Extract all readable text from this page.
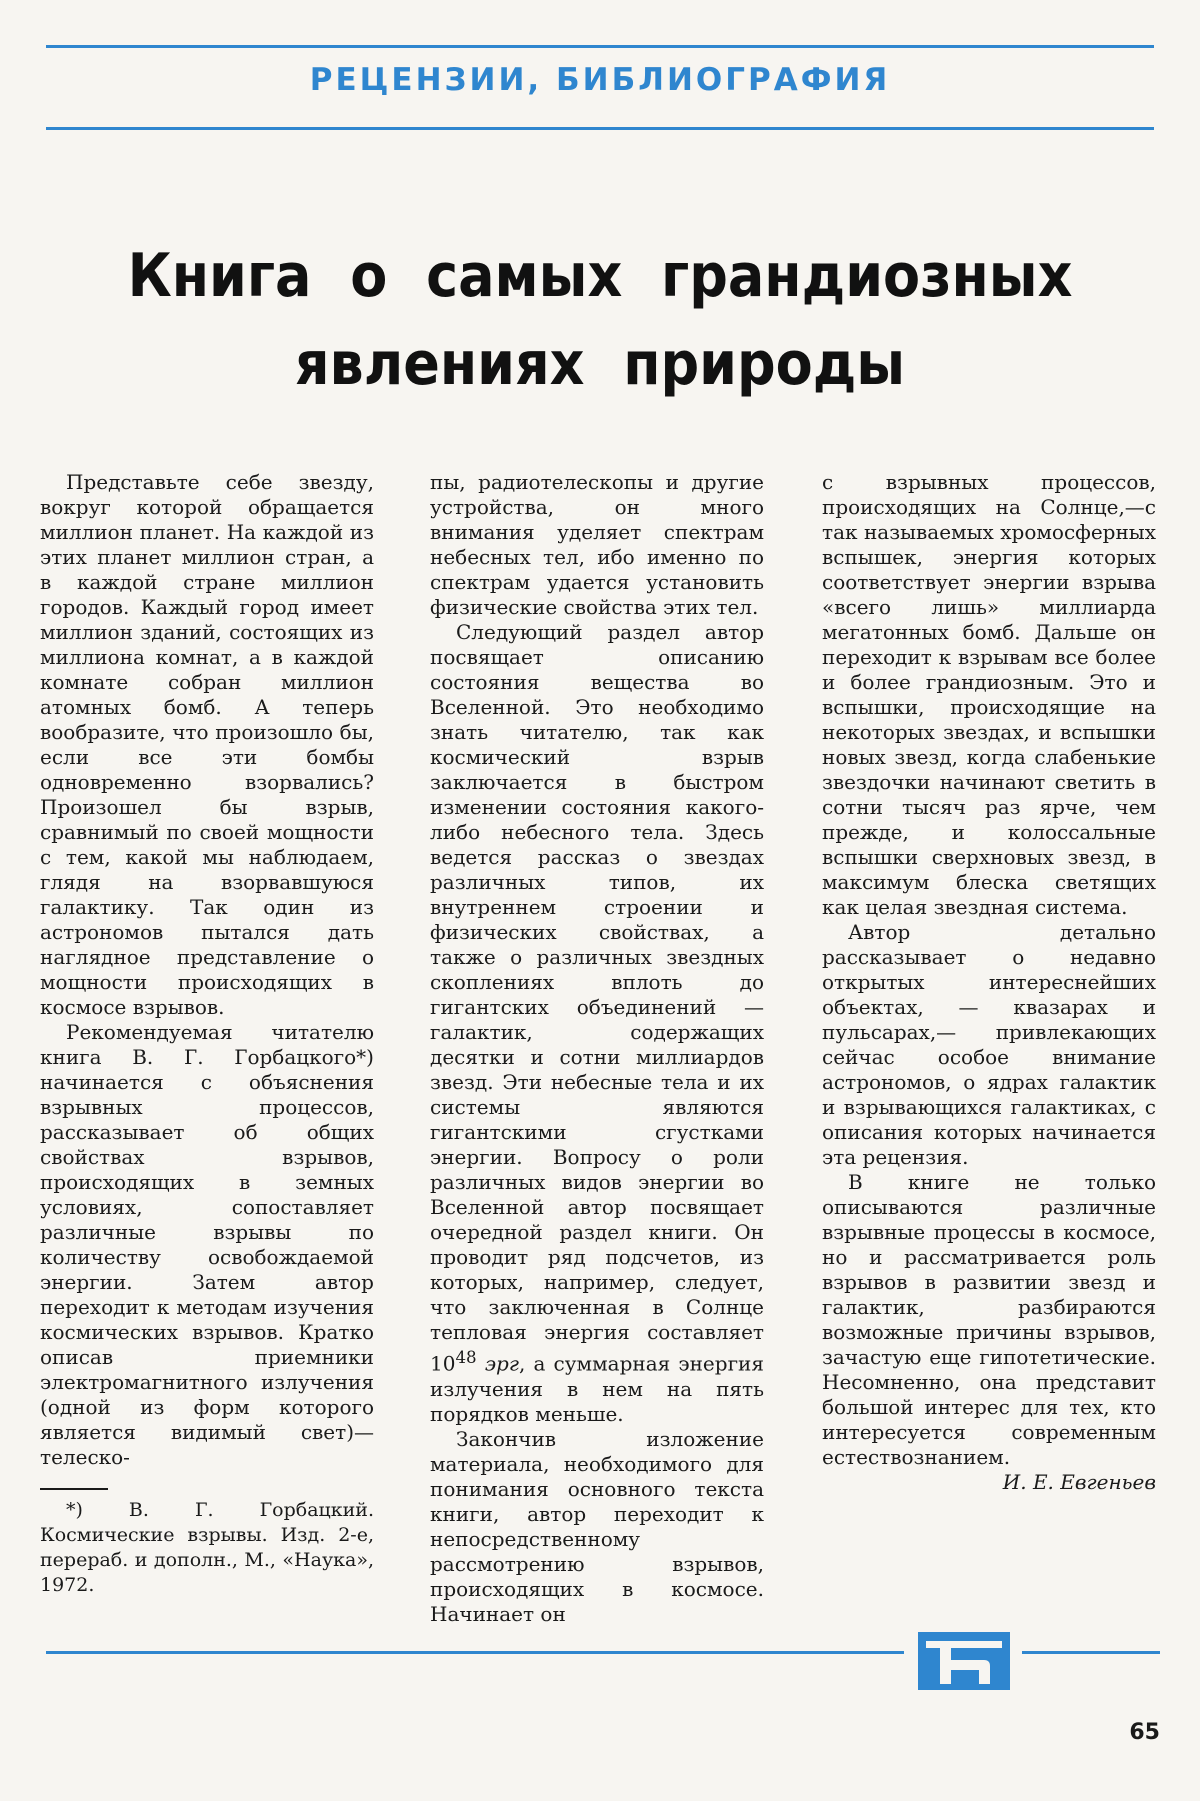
РЕЦЕНЗИИ, БИБЛИОГРАФИЯ
Книга о самых грандиозных
явлениях природы

Представьте себе звезду, вокруг которой обращается миллион планет. На каждой из этих планет миллион стран, а в каждой стране миллион городов. Каждый город имеет миллион зданий, состоящих из миллиона комнат, а в каждой комнате собран миллион атомных бомб. А теперь вообразите, что произошло бы, если все эти бомбы одновременно взорвались? Произошел бы взрыв, сравнимый по своей мощности с тем, какой мы наблюдаем, глядя на взорвавшуюся галактику. Так один из астрономов пытался дать наглядное представление о мощности происходящих в космосе взрывов.

Рекомендуемая читателю книга В. Г. Горбацкого*) начинается с объяснения взрывных процессов, рассказывает об общих свойствах взрывов, происходящих в земных условиях, сопоставляет различные взрывы по количеству освобождаемой энергии. Затем автор переходит к методам изучения космических взрывов. Кратко описав приемники электромагнитного излучения (одной из форм которого является видимый свет)—телеско-

*) В. Г. Горбацкий. Космические взрывы. Изд. 2-е, перераб. и дополн., М., «Наука», 1972.

пы, радиотелескопы и другие устройства, он много внимания уделяет спектрам небесных тел, ибо именно по спектрам удается установить физические свойства этих тел.

Следующий раздел автор посвящает описанию состояния вещества во Вселенной. Это необходимо знать читателю, так как космический взрыв заключается в быстром изменении состояния какого-либо небесного тела. Здесь ведется рассказ о звездах различных типов, их внутреннем строении и физических свойствах, а также о различных звездных скоплениях вплоть до гигантских объединений — галактик, содержащих десятки и сотни миллиардов звезд. Эти небесные тела и их системы являются гигантскими сгустками энергии. Вопросу о роли различных видов энергии во Вселенной автор посвящает очередной раздел книги. Он проводит ряд подсчетов, из которых, например, следует, что заключенная в Солнце тепловая энергия составляет $10^{48}$ эрг, а суммарная энергия излучения в нем на пять порядков меньше.

Закончив изложение материала, необходимого для понимания основного текста книги, автор переходит к непосредственному рассмотрению взрывов, происходящих в космосе. Начинает он

с взрывных процессов, происходящих на Солнце,—с так называемых хромосферных вспышек, энергия которых соответствует энергии взрыва «всего лишь» миллиарда мегатонных бомб. Дальше он переходит к взрывам все более и более грандиозным. Это и вспышки, происходящие на некоторых звездах, и вспышки новых звезд, когда слабенькие звездочки начинают светить в сотни тысяч раз ярче, чем прежде, и колоссальные вспышки сверхновых звезд, в максимум блеска светящих как целая звездная система.

Автор детально рассказывает о недавно открытых интереснейших объектах, — квазарах и пульсарах,— привлекающих сейчас особое внимание астрономов, о ядрах галактик и взрывающихся галактиках, с описания которых начинается эта рецензия.

В книге не только описываются различные взрывные процессы в космосе, но и рассматривается роль взрывов в развитии звезд и галактик, разбираются возможные причины взрывов, зачастую еще гипотетические. Несомненно, она представит большой интерес для тех, кто интересуется современным естествознанием.

И. Е. Евгеньев

65
